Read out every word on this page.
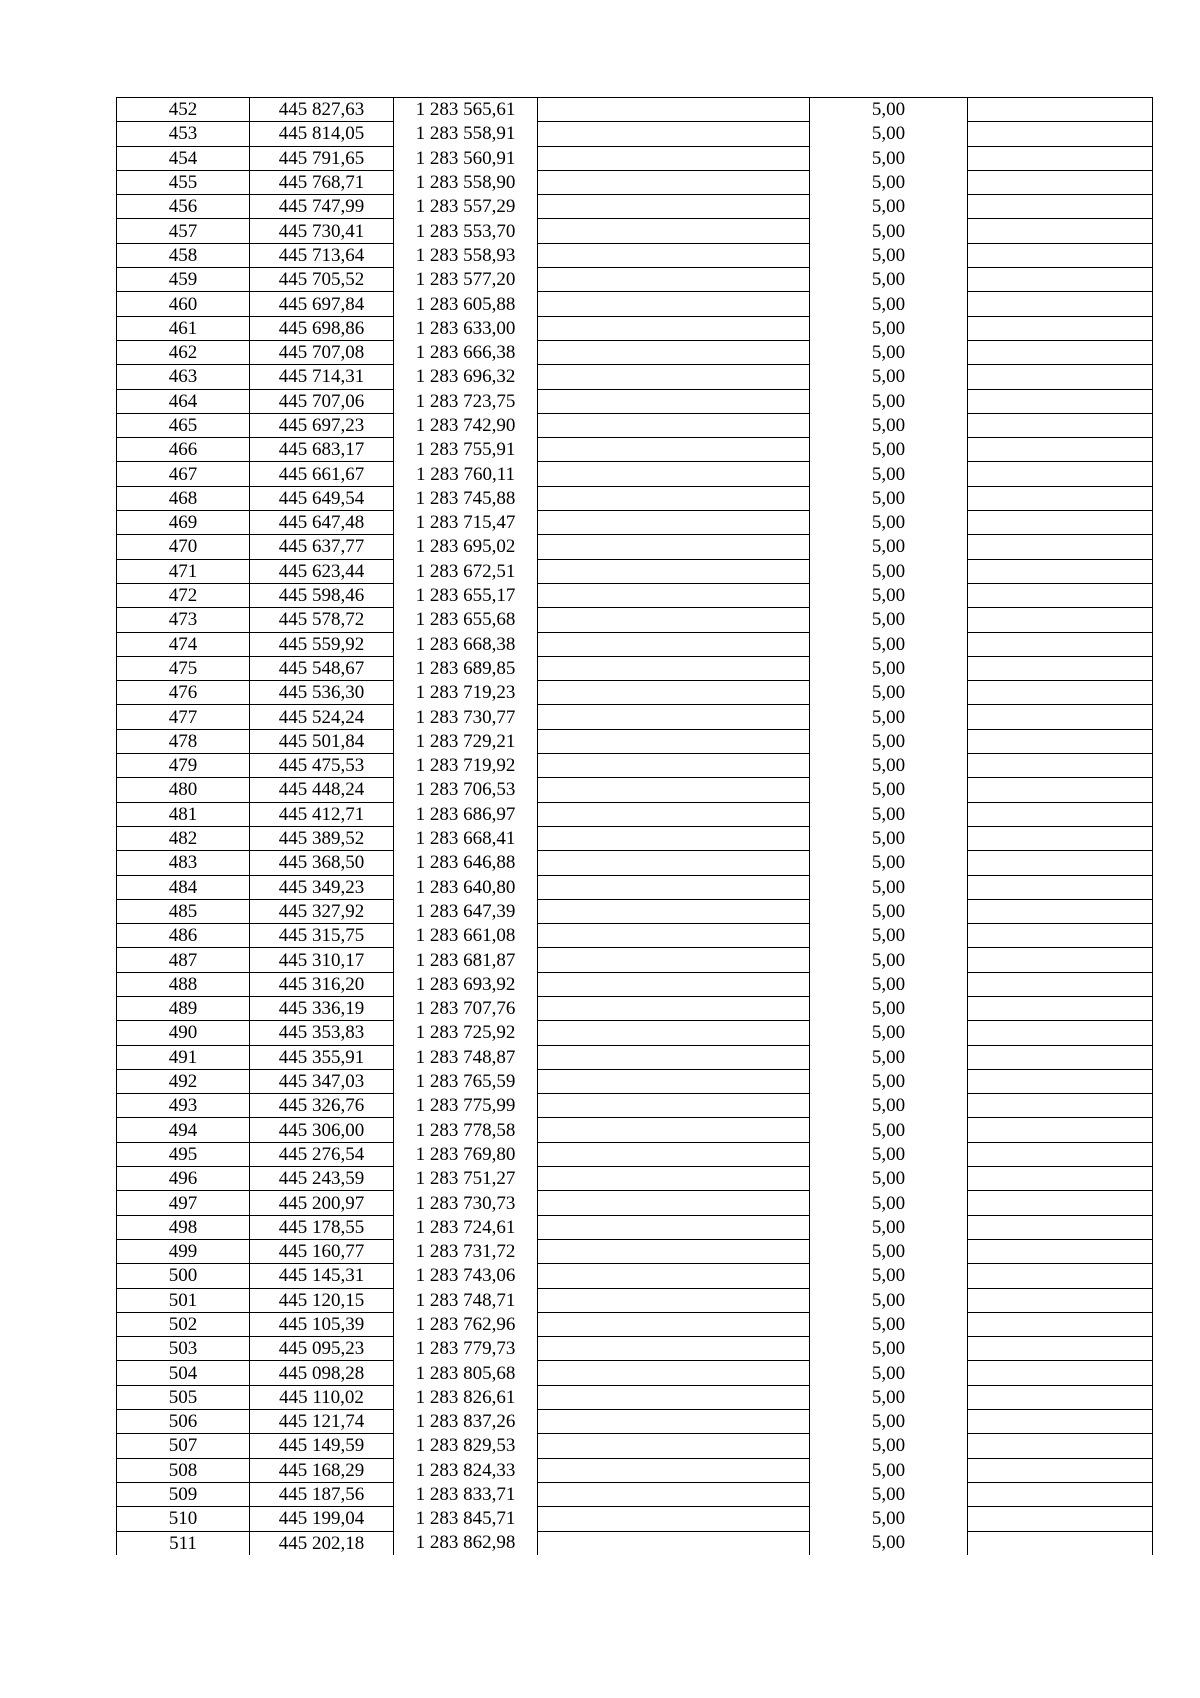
452	445 827,63	1 283 565,61		5,00	
453	445 814,05	1 283 558,91		5,00	
454	445 791,65	1 283 560,91		5,00	
455	445 768,71	1 283 558,90		5,00	
456	445 747,99	1 283 557,29		5,00	
457	445 730,41	1 283 553,70		5,00	
458	445 713,64	1 283 558,93		5,00	
459	445 705,52	1 283 577,20		5,00	
460	445 697,84	1 283 605,88		5,00	
461	445 698,86	1 283 633,00		5,00	
462	445 707,08	1 283 666,38		5,00	
463	445 714,31	1 283 696,32		5,00	
464	445 707,06	1 283 723,75		5,00	
465	445 697,23	1 283 742,90		5,00	
466	445 683,17	1 283 755,91		5,00	
467	445 661,67	1 283 760,11		5,00	
468	445 649,54	1 283 745,88		5,00	
469	445 647,48	1 283 715,47		5,00	
470	445 637,77	1 283 695,02		5,00	
471	445 623,44	1 283 672,51		5,00	
472	445 598,46	1 283 655,17		5,00	
473	445 578,72	1 283 655,68		5,00	
474	445 559,92	1 283 668,38		5,00	
475	445 548,67	1 283 689,85		5,00	
476	445 536,30	1 283 719,23		5,00	
477	445 524,24	1 283 730,77		5,00	
478	445 501,84	1 283 729,21		5,00	
479	445 475,53	1 283 719,92		5,00	
480	445 448,24	1 283 706,53		5,00	
481	445 412,71	1 283 686,97		5,00	
482	445 389,52	1 283 668,41		5,00	
483	445 368,50	1 283 646,88		5,00	
484	445 349,23	1 283 640,80		5,00	
485	445 327,92	1 283 647,39		5,00	
486	445 315,75	1 283 661,08		5,00	
487	445 310,17	1 283 681,87		5,00	
488	445 316,20	1 283 693,92		5,00	
489	445 336,19	1 283 707,76		5,00	
490	445 353,83	1 283 725,92		5,00	
491	445 355,91	1 283 748,87		5,00	
492	445 347,03	1 283 765,59		5,00	
493	445 326,76	1 283 775,99		5,00	
494	445 306,00	1 283 778,58		5,00	
495	445 276,54	1 283 769,80		5,00	
496	445 243,59	1 283 751,27		5,00	
497	445 200,97	1 283 730,73		5,00	
498	445 178,55	1 283 724,61		5,00	
499	445 160,77	1 283 731,72		5,00	
500	445 145,31	1 283 743,06		5,00	
501	445 120,15	1 283 748,71		5,00	
502	445 105,39	1 283 762,96		5,00	
503	445 095,23	1 283 779,73		5,00	
504	445 098,28	1 283 805,68		5,00	
505	445 110,02	1 283 826,61		5,00	
506	445 121,74	1 283 837,26		5,00	
507	445 149,59	1 283 829,53		5,00	
508	445 168,29	1 283 824,33		5,00	
509	445 187,56	1 283 833,71		5,00	
510	445 199,04	1 283 845,71		5,00	
511	445 202,18	1 283 862,98		5,00	
